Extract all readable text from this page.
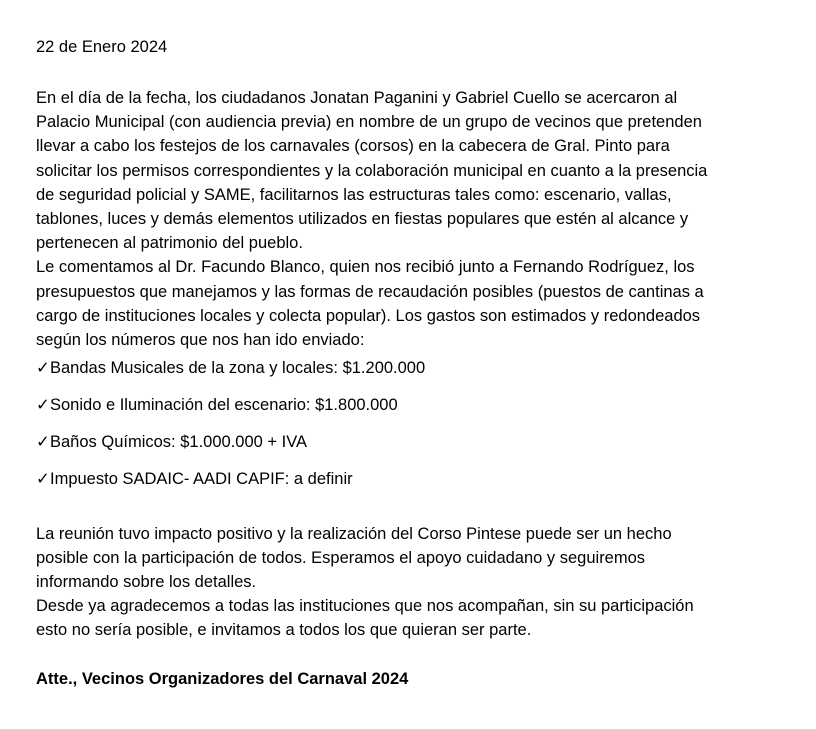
22 de Enero 2024
En el día de la fecha, los ciudadanos Jonatan Paganini y Gabriel Cuello se acercaron al
Palacio Municipal (con audiencia previa) en nombre de un grupo de vecinos que pretenden
llevar a cabo los festejos de los carnavales (corsos) en la cabecera de Gral. Pinto para
solicitar los permisos correspondientes y la colaboración municipal en cuanto a la presencia
de seguridad policial y SAME, facilitarnos las estructuras tales como: escenario, vallas,
tablones, luces y demás elementos utilizados en fiestas populares que estén al alcance y
pertenecen al patrimonio del pueblo.
Le comentamos al Dr. Facundo Blanco, quien nos recibió junto a Fernando Rodríguez, los
presupuestos que manejamos y las formas de recaudación posibles (puestos de cantinas a
cargo de instituciones locales y colecta popular). Los gastos son estimados y redondeados
según los números que nos han ido enviado:
✓Bandas Musicales de la zona y locales: $1.200.000
✓Sonido e Iluminación del escenario: $1.800.000
✓Baños Químicos: $1.000.000 + IVA
✓Impuesto SADAIC- AADI CAPIF: a definir
La reunión tuvo impacto positivo y la realización del Corso Pintese puede ser un hecho
posible con la participación de todos. Esperamos el apoyo cuidadano y seguiremos
informando sobre los detalles.
Desde ya agradecemos a todas las instituciones que nos acompañan, sin su participación
esto no sería posible, e invitamos a todos los que quieran ser parte.
Atte., Vecinos Organizadores del Carnaval 2024
